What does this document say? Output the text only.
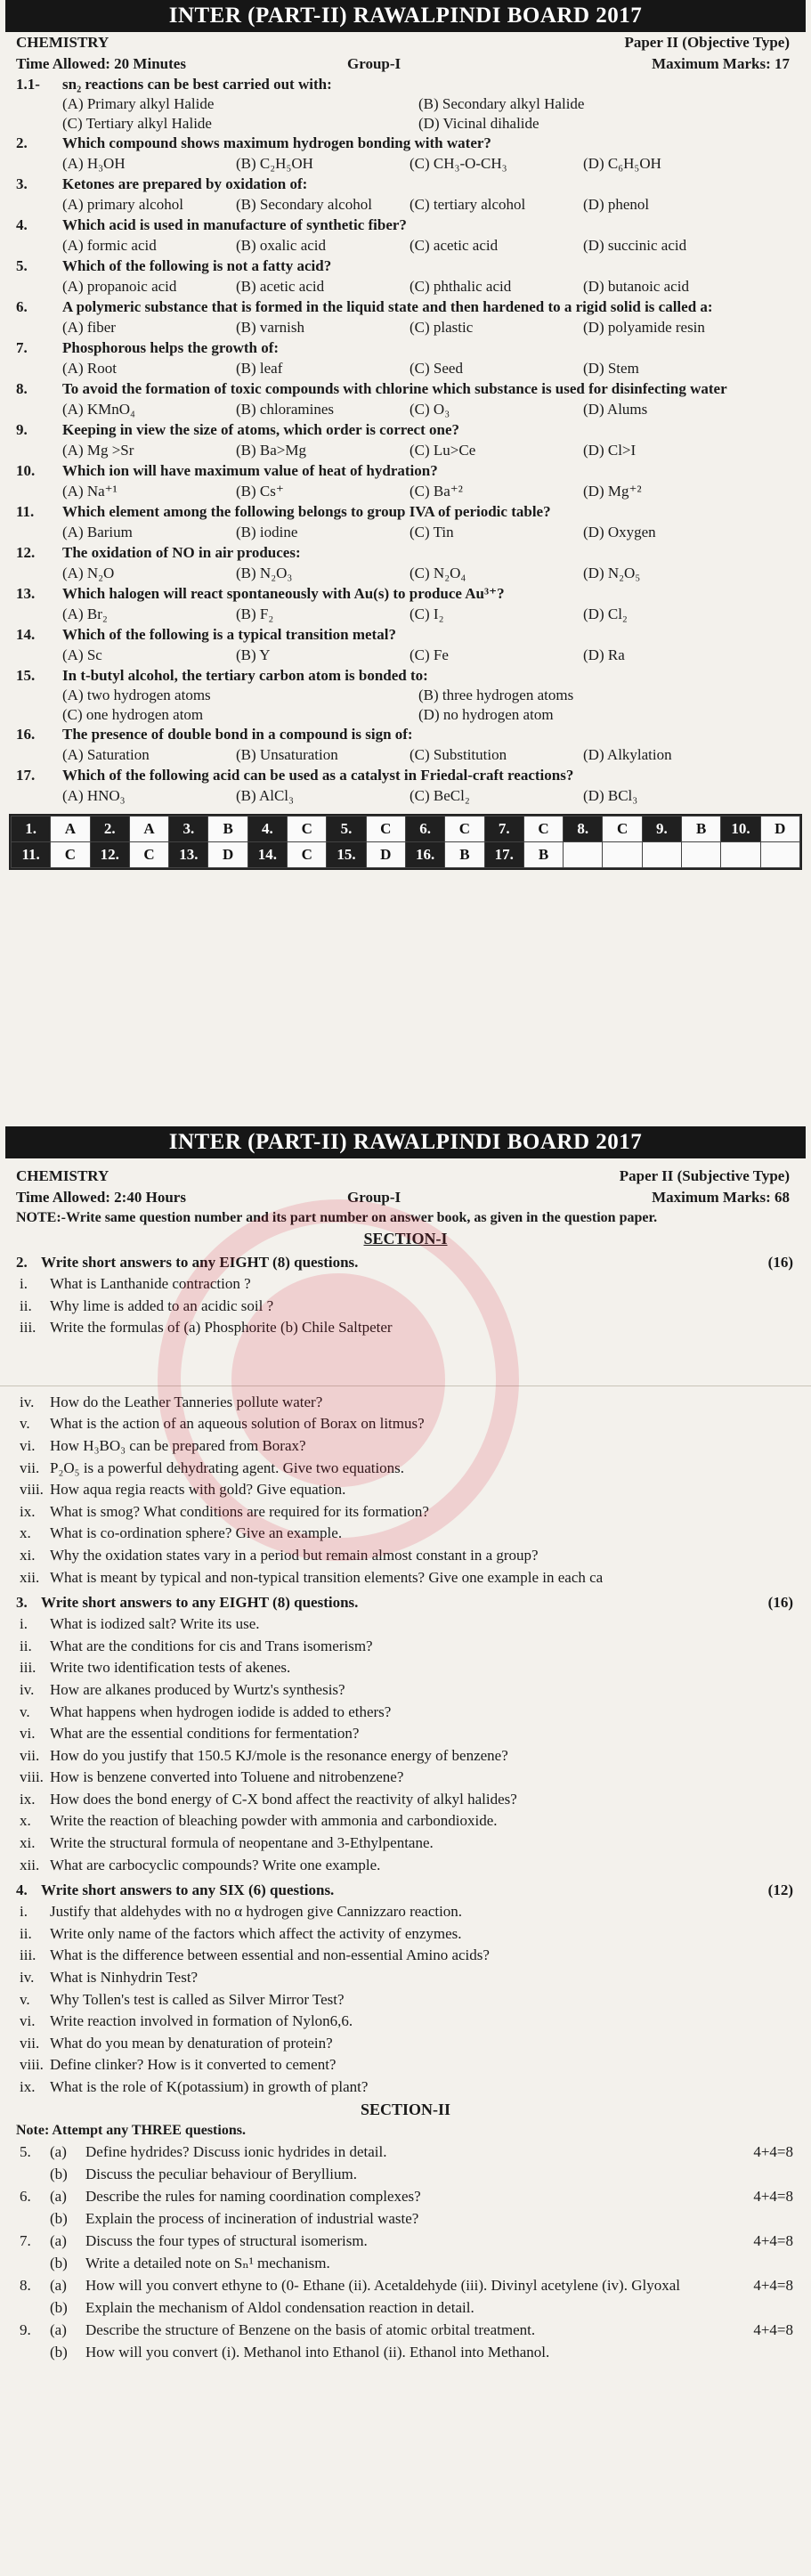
INTER (PART-II) RAWALPINDI BOARD 2017
CHEMISTRY	Paper II (Objective Type)
Time Allowed: 20 Minutes	Group-I	Maximum Marks: 17
1.1-	sn₂ reactions can be best carried out with:
(A) Primary alkyl Halide	(B) Secondary alkyl Halide
(C) Tertiary alkyl Halide	(D) Vicinal dihalide
2.	Which compound shows maximum hydrogen bonding with water?
(A) H₃OH	(B) C₂H₅OH	(C) CH₃-O-CH₃	(D) C₆H₅OH
3.	Ketones are prepared by oxidation of:
(A) primary alcohol	(B) Secondary alcohol	(C) tertiary alcohol	(D) phenol
4.	Which acid is used in manufacture of synthetic fiber?
(A) formic acid	(B) oxalic acid	(C) acetic acid	(D) succinic acid
5.	Which of the following is not a fatty acid?
(A) propanoic acid	(B) acetic acid	(C) phthalic acid	(D) butanoic acid
6.	A polymeric substance that is formed in the liquid state and then hardened to a rigid solid is called a:
(A) fiber	(B) varnish	(C) plastic	(D) polyamide resin
7.	Phosphorous helps the growth of:
(A) Root	(B) leaf	(C) Seed	(D) Stem
8.	To avoid the formation of toxic compounds with chlorine which substance is used for disinfecting water
(A) KMnO₄	(B) chloramines	(C) O₃	(D) Alums
9.	Keeping in view the size of atoms, which order is correct one?
(A) Mg >Sr	(B) Ba>Mg	(C) Lu>Ce	(D) Cl>I
10.	Which ion will have maximum value of heat of hydration?
(A) Na⁺¹	(B) Cs⁺	(C) Ba⁺²	(D) Mg⁺²
11.	Which element among the following belongs to group IVA of periodic table?
(A) Barium	(B) iodine	(C) Tin	(D) Oxygen
12.	The oxidation of NO in air produces:
(A) N₂O	(B) N₂O₃	(C) N₂O₄	(D) N₂O₅
13.	Which halogen will react spontaneously with Au(s) to produce Au³⁺?
(A) Br₂	(B) F₂	(C) I₂	(D) Cl₂
14.	Which of the following is a typical transition metal?
(A) Sc	(B) Y	(C) Fe	(D) Ra
15.	In t-butyl alcohol, the tertiary carbon atom is bonded to:
(A) two hydrogen atoms	(B) three hydrogen atoms
(C) one hydrogen atom	(D) no hydrogen atom
16.	The presence of double bond in a compound is sign of:
(A) Saturation	(B) Unsaturation	(C) Substitution	(D) Alkylation
17.	Which of the following acid can be used as a catalyst in Friedal-craft reactions?
(A) HNO₃	(B) AlCl₃	(C) BeCl₂	(D) BCl₃
1.	A	2.	A	3.	B	4.	C	5.	C	6.	C	7.	C	8.	C	9.	B	10.	D
11.	C	12.	C	13.	D	14.	C	15.	D	16.	B	17.	B						
INTER (PART-II) RAWALPINDI BOARD 2017
CHEMISTRY	Paper II (Subjective Type)
Time Allowed: 2:40 Hours	Group-I	Maximum Marks: 68
NOTE:-Write same question number and its part number on answer book, as given in the question paper.
SECTION-I
2. Write short answers to any EIGHT (8) questions.	(16)
i.	What is Lanthanide contraction ?
ii.	Why lime is added to an acidic soil ?
iii. Write the formulas of (a) Phosphorite (b) Chile Saltpeter
iv.	How do the Leather Tanneries pollute water?
v.	What is the action of an aqueous solution of Borax on litmus?
vi. How H₃BO₃ can be prepared from Borax?
vii. P₂O₅ is a powerful dehydrating agent. Give two equations.
viii. How aqua regia reacts with gold? Give equation.
ix. What is smog? What conditions are required for its formation?
x.	What is co-ordination sphere? Give an example.
xi. Why the oxidation states vary in a period but remain almost constant in a group?
xii. What is meant by typical and non-typical transition elements? Give one example in each ca
3. Write short answers to any EIGHT (8) questions.	(16)
i.	What is iodized salt? Write its use.
ii.	What are the conditions for cis and Trans isomerism?
iii. Write two identification tests of akenes.
iv.	How are alkanes produced by Wurtz's synthesis?
v.	What happens when hydrogen iodide is added to ethers?
vi. What are the essential conditions for fermentation?
vii. How do you justify that 150.5 KJ/mole is the resonance energy of benzene?
viii. How is benzene converted into Toluene and nitrobenzene?
ix. How does the bond energy of C-X bond affect the reactivity of alkyl halides?
x.	Write the reaction of bleaching powder with ammonia and carbondioxide.
xi. Write the structural formula of neopentane and 3-Ethylpentane.
xii. What are carbocyclic compounds? Write one example.
4. Write short answers to any SIX (6) questions.	(12)
i.	Justify that aldehydes with no α hydrogen give Cannizzaro reaction.
ii.	Write only name of the factors which affect the activity of enzymes.
iii. What is the difference between essential and non-essential Amino acids?
iv.	What is Ninhydrin Test?
v.	Why Tollen's test is called as Silver Mirror Test?
vi. Write reaction involved in formation of Nylon6,6.
vii. What do you mean by denaturation of protein?
viii. Define clinker? How is it converted to cement?
ix. What is the role of K(potassium) in growth of plant?
SECTION-II
Note: Attempt any THREE questions.
5.	(a)	Define hydrides? Discuss ionic hydrides in detail.	4+4=8
(b)	Discuss the peculiar behaviour of Beryllium.
6.	(a)	Describe the rules for naming coordination complexes?	4+4=8
(b)	Explain the process of incineration of industrial waste?
7.	(a)	Discuss the four types of structural isomerism.	4+4=8
(b)	Write a detailed note on Sₙ¹ mechanism.
8.	(a)	How will you convert ethyne to (0- Ethane (ii). Acetaldehyde (iii). Divinyl acetylene (iv). Glyoxal	4+4=8
(b)	Explain the mechanism of Aldol condensation reaction in detail.
9.	(a)	Describe the structure of Benzene on the basis of atomic orbital treatment.	4+4=8
(b)	How will you convert (i). Methanol into Ethanol (ii). Ethanol into Methanol.
